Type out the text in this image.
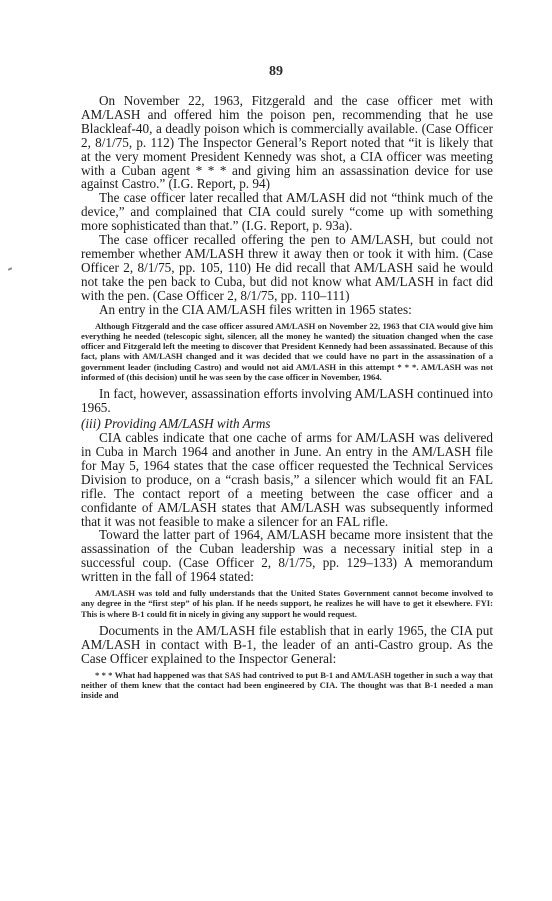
89

On November 22, 1963, Fitzgerald and the case officer met with AM/LASH and offered him the poison pen, recommending that he use Blackleaf-40, a deadly poison which is commercially available. (Case Officer 2, 8/1/75, p. 112) The Inspector General’s Report noted that “it is likely that at the very moment President Kennedy was shot, a CIA officer was meeting with a Cuban agent * * * and giving him an assassination device for use against Castro.” (I.G. Report, p. 94)

The case officer later recalled that AM/LASH did not “think much of the device,” and complained that CIA could surely “come up with something more sophisticated than that.” (I.G. Report, p. 93a).

The case officer recalled offering the pen to AM/LASH, but could not remember whether AM/LASH threw it away then or took it with him. (Case Officer 2, 8/1/75, pp. 105, 110) He did recall that AM/LASH said he would not take the pen back to Cuba, but did not know what AM/LASH in fact did with the pen. (Case Officer 2, 8/1/75, pp. 110–111)

An entry in the CIA AM/LASH files written in 1965 states:

Although Fitzgerald and the case officer assured AM/LASH on November 22, 1963 that CIA would give him everything he needed (telescopic sight, silencer, all the money he wanted) the situation changed when the case officer and Fitzgerald left the meeting to discover that President Kennedy had been assassinated. Because of this fact, plans with AM/LASH changed and it was decided that we could have no part in the assassination of a government leader (including Castro) and would not aid AM/LASH in this attempt * * *. AM/LASH was not informed of (this decision) until he was seen by the case officer in November, 1964.

In fact, however, assassination efforts involving AM/LASH continued into 1965.

(iii) Providing AM/LASH with Arms

CIA cables indicate that one cache of arms for AM/LASH was delivered in Cuba in March 1964 and another in June. An entry in the AM/LASH file for May 5, 1964 states that the case officer requested the Technical Services Division to produce, on a “crash basis,” a silencer which would fit an FAL rifle. The contact report of a meeting between the case officer and a confidante of AM/LASH states that AM/LASH was subsequently informed that it was not feasible to make a silencer for an FAL rifle.

Toward the latter part of 1964, AM/LASH became more insistent that the assassination of the Cuban leadership was a necessary initial step in a successful coup. (Case Officer 2, 8/1/75, pp. 129–133) A memorandum written in the fall of 1964 stated:

AM/LASH was told and fully understands that the United States Government cannot become involved to any degree in the “first step” of his plan. If he needs support, he realizes he will have to get it elsewhere. FYI: This is where B-1 could fit in nicely in giving any support he would request.

Documents in the AM/LASH file establish that in early 1965, the CIA put AM/LASH in contact with B-1, the leader of an anti-Castro group. As the Case Officer explained to the Inspector General:

* * * What had happened was that SAS had contrived to put B-1 and AM/LASH together in such a way that neither of them knew that the contact had been engineered by CIA. The thought was that B-1 needed a man inside and
